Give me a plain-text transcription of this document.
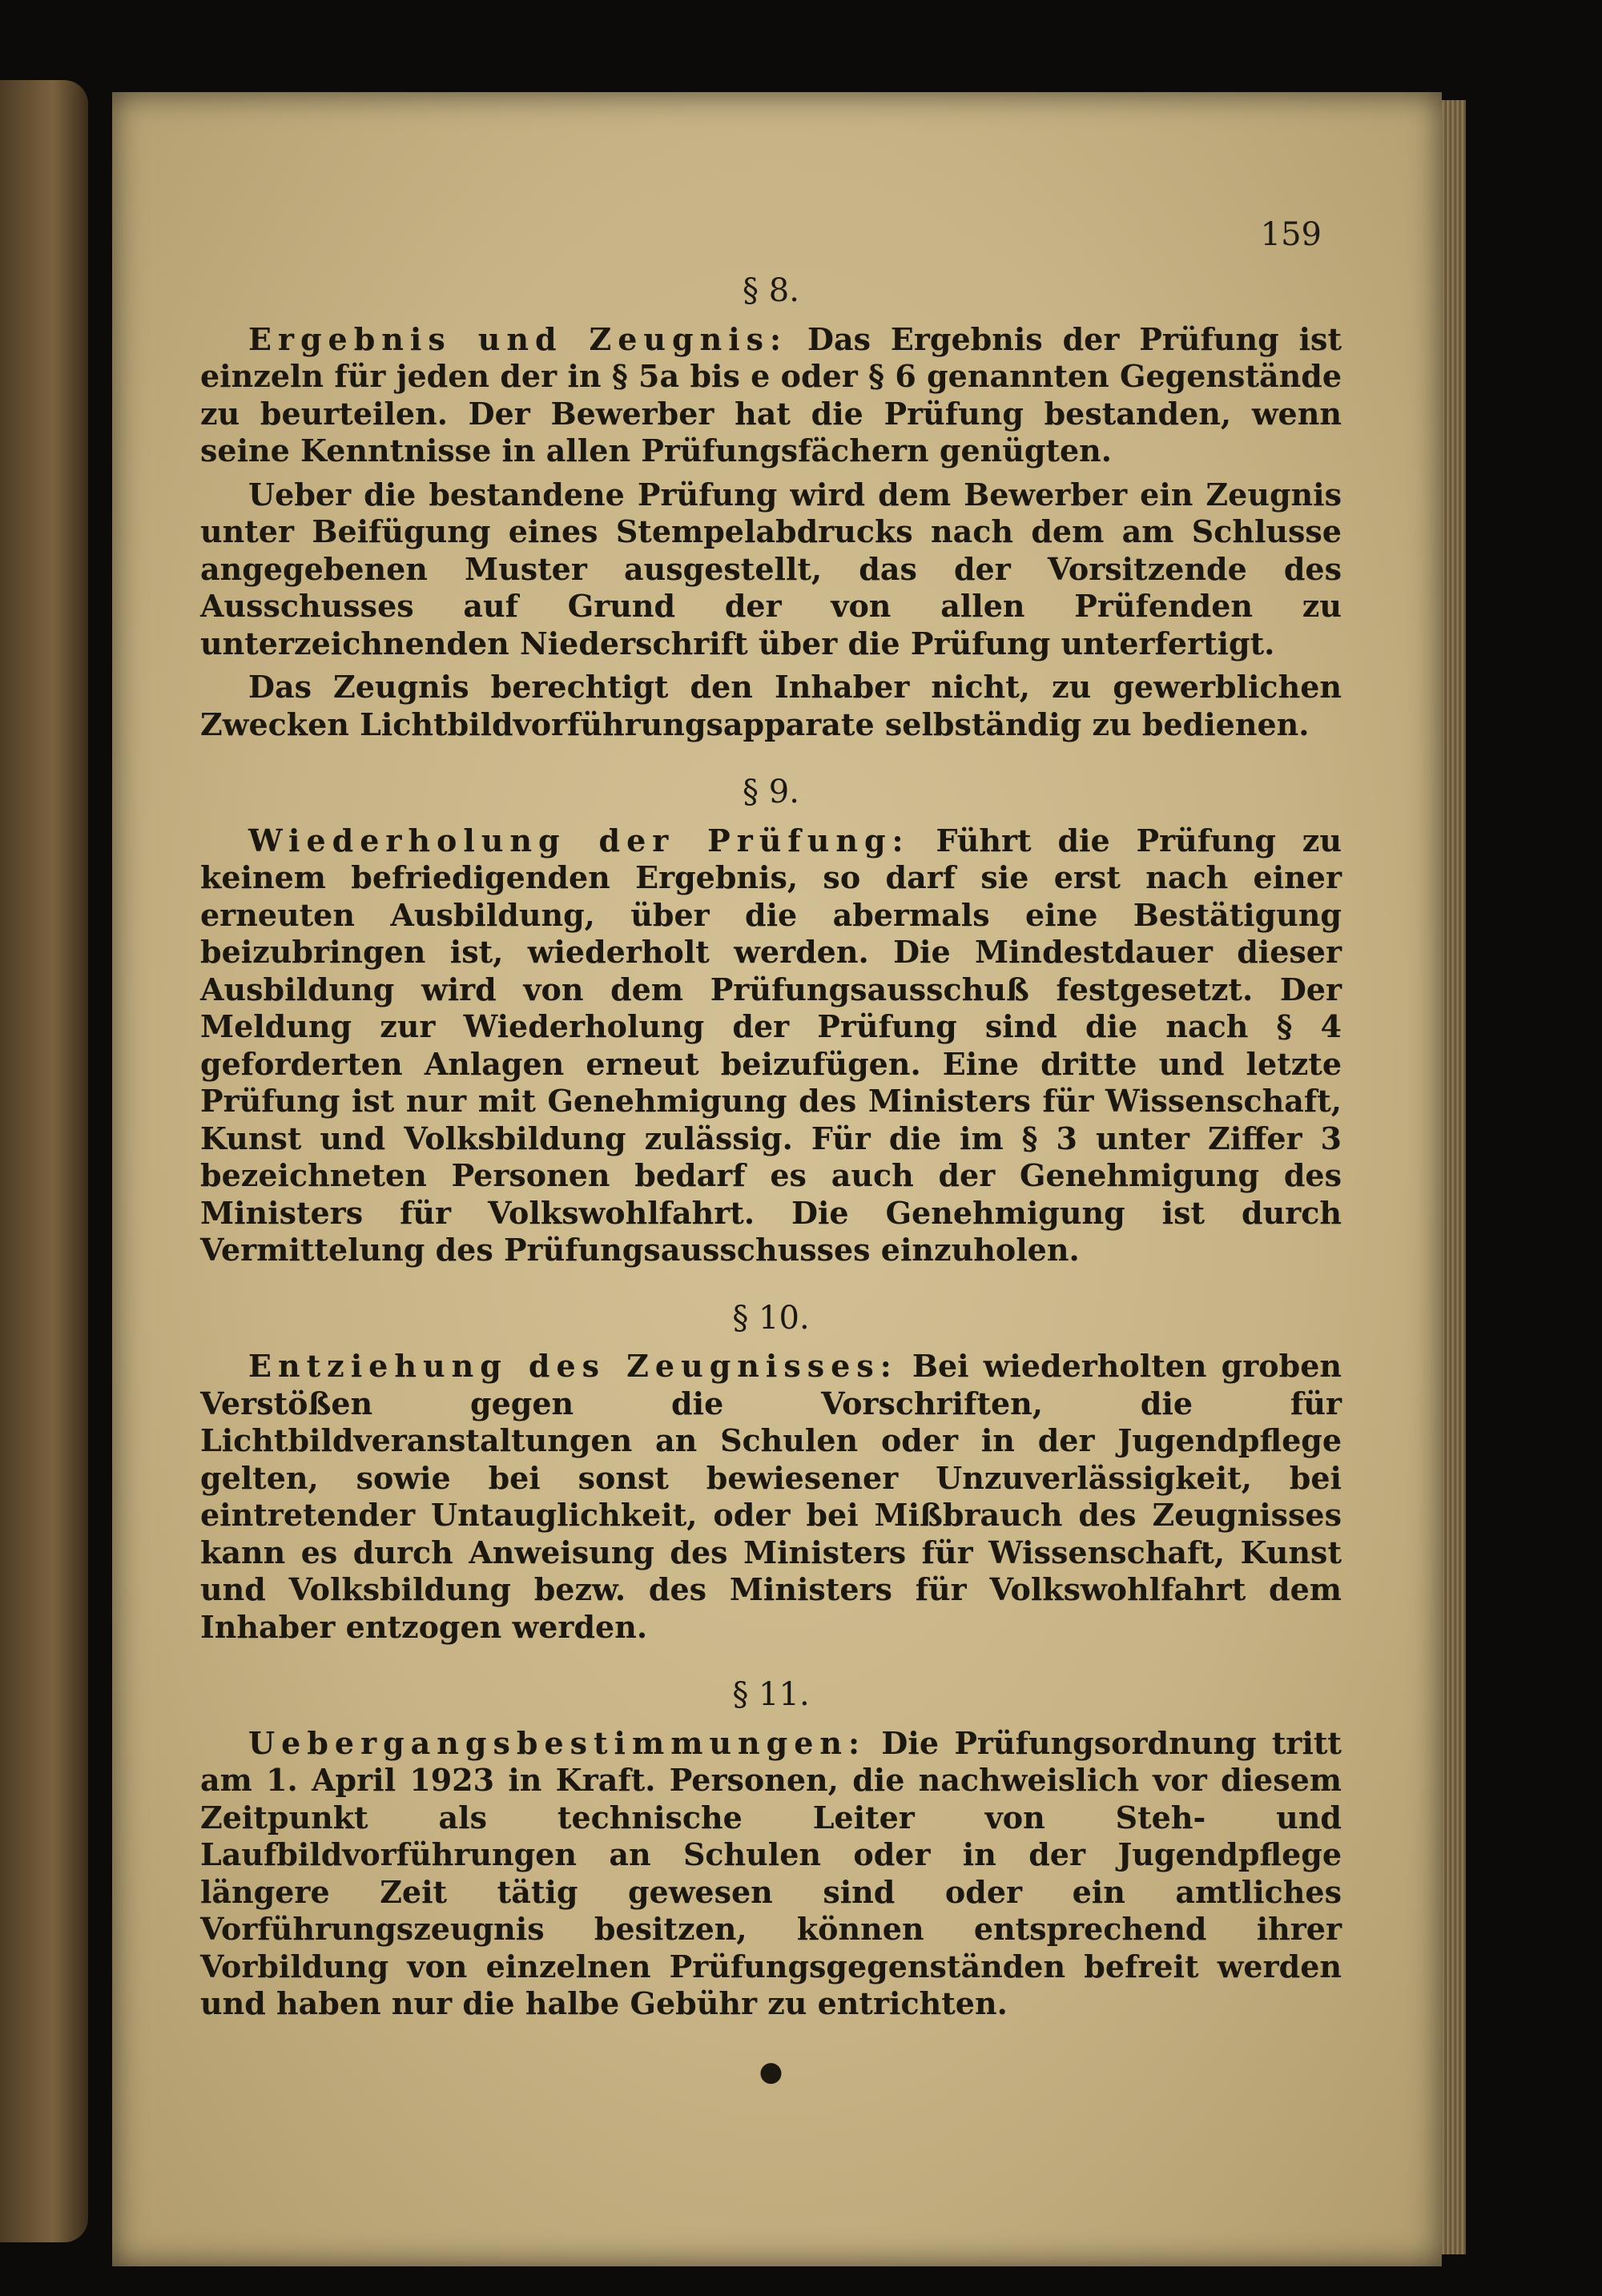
159
§ 8.

Ergebnis und Zeugnis: Das Ergebnis der Prüfung ist einzeln für jeden der in § 5a bis e oder § 6 genannten Gegenstände zu beurteilen. Der Bewerber hat die Prüfung bestanden, wenn seine Kenntnisse in allen Prüfungsfächern genügten.

Ueber die bestandene Prüfung wird dem Bewerber ein Zeugnis unter Beifügung eines Stempelabdrucks nach dem am Schlusse angegebenen Muster ausgestellt, das der Vorsitzende des Ausschusses auf Grund der von allen Prüfenden zu unterzeichnenden Niederschrift über die Prüfung unterfertigt.

Das Zeugnis berechtigt den Inhaber nicht, zu gewerblichen Zwecken Lichtbildvorführungsapparate selbständig zu bedienen.

§ 9.

Wiederholung der Prüfung: Führt die Prüfung zu keinem befriedigenden Ergebnis, so darf sie erst nach einer erneuten Ausbildung, über die abermals eine Bestätigung beizubringen ist, wiederholt werden. Die Mindestdauer dieser Ausbildung wird von dem Prüfungsausschuß festgesetzt. Der Meldung zur Wiederholung der Prüfung sind die nach § 4 geforderten Anlagen erneut beizufügen. Eine dritte und letzte Prüfung ist nur mit Genehmigung des Ministers für Wissenschaft, Kunst und Volksbildung zulässig. Für die im § 3 unter Ziffer 3 bezeichneten Personen bedarf es auch der Genehmigung des Ministers für Volkswohlfahrt. Die Genehmigung ist durch Vermittelung des Prüfungsausschusses einzuholen.

§ 10.

Entziehung des Zeugnisses: Bei wiederholten groben Verstößen gegen die Vorschriften, die für Lichtbildveranstaltungen an Schulen oder in der Jugendpflege gelten, sowie bei sonst bewiesener Unzuverlässigkeit, bei eintretender Untauglichkeit, oder bei Mißbrauch des Zeugnisses kann es durch Anweisung des Ministers für Wissenschaft, Kunst und Volksbildung bezw. des Ministers für Volkswohlfahrt dem Inhaber entzogen werden.

§ 11.

Uebergangsbestimmungen: Die Prüfungsordnung tritt am 1. April 1923 in Kraft. Personen, die nachweislich vor diesem Zeitpunkt als technische Leiter von Steh- und Laufbildvorführungen an Schulen oder in der Jugendpflege längere Zeit tätig gewesen sind oder ein amtliches Vorführungszeugnis besitzen, können entsprechend ihrer Vorbildung von einzelnen Prüfungsgegenständen befreit werden und haben nur die halbe Gebühr zu entrichten.

●
